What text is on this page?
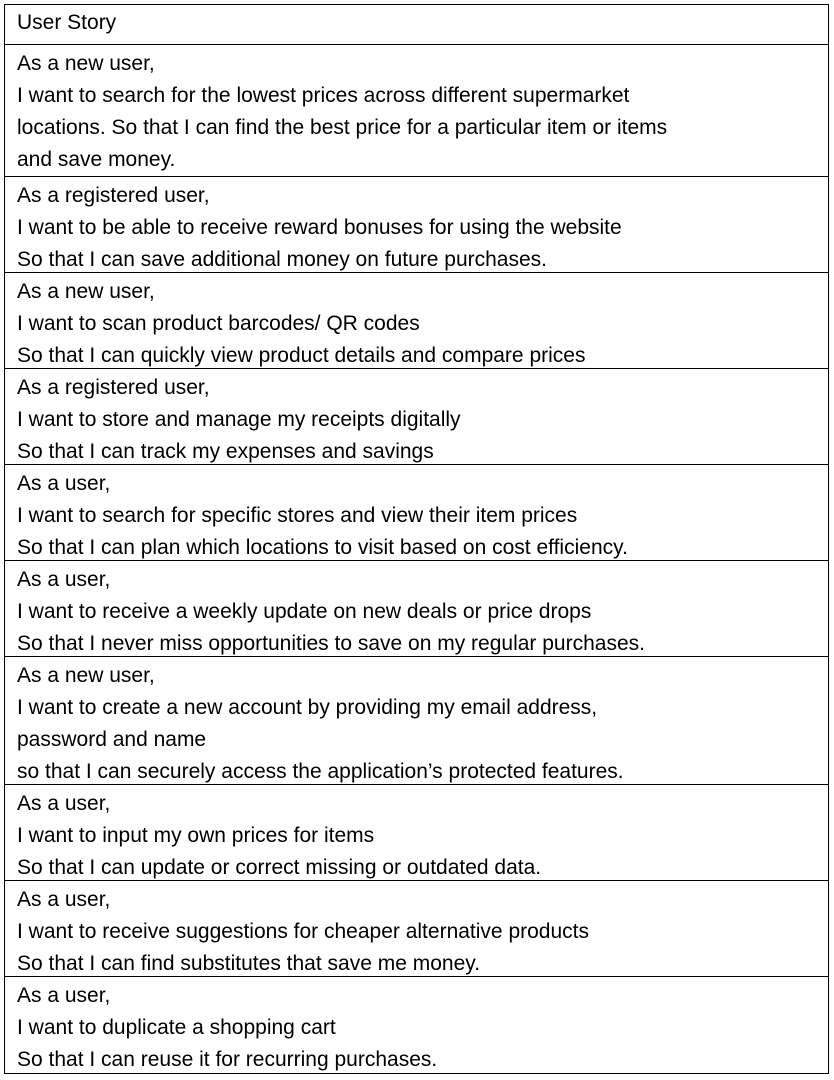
User Story
As a new user,
I want to search for the lowest prices across different supermarket
locations. So that I can find the best price for a particular item or items
and save money.
As a registered user,
I want to be able to receive reward bonuses for using the website
So that I can save additional money on future purchases.
As a new user,
I want to scan product barcodes/ QR codes
So that I can quickly view product details and compare prices
As a registered user,
I want to store and manage my receipts digitally
So that I can track my expenses and savings
As a user,
I want to search for specific stores and view their item prices
So that I can plan which locations to visit based on cost efficiency.
As a user,
I want to receive a weekly update on new deals or price drops
So that I never miss opportunities to save on my regular purchases.
As a new user,
I want to create a new account by providing my email address,
password and name
so that I can securely access the application’s protected features.
As a user,
I want to input my own prices for items
So that I can update or correct missing or outdated data.
As a user,
I want to receive suggestions for cheaper alternative products
So that I can find substitutes that save me money.
As a user,
I want to duplicate a shopping cart
So that I can reuse it for recurring purchases.
